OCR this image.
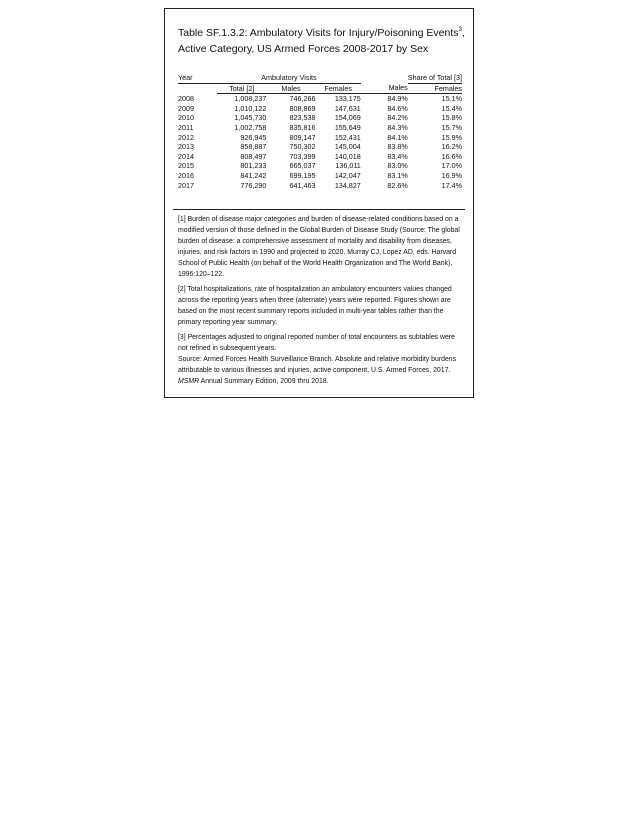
Table SF.1.3.2: Ambulatory Visits for Injury/Poisoning Events$^3$,
Active Category, US Armed Forces 2008-2017 by Sex
Year	Ambulatory Visits				Share of Total [3]
	Total [2]	Males	Females	Males	Females
2008	1,008,237	746,266	133,175	84.9%	15.1%
2009	1,010,122	808,869	147,631	84.6%	15.4%
2010	1,045,730	823,538	154,069	84.2%	15.8%
2011	1,002,758	835,816	155,649	84.3%	15.7%
2012	926,945	809,147	152,431	84.1%	15.9%
2013	858,887	750,302	145,004	83.8%	16.2%
2014	808,497	703,399	140,018	83.4%	16.6%
2015	801,233	665,037	136,011	83.0%	17.0%
2016	841,242	699,195	142,047	83.1%	16.9%
2017	776,290	641,463	134,827	82.6%	17.4%

[1] Burden of disease major categories and burden of disease-related conditions based on a modified version of those defined in the Global Burden of Disease Study (Source: The global burden of disease: a comprehensive assessment of mortality and disability from diseases, injuries, and risk factors in 1990 and projected to 2020. Murray CJ, Lopez AD, eds. Harvard School of Public Health (on behalf of the World Health Organization and The World Bank), 1996:120–122.

[2] Total hospitalizations, rate of hospitalization an ambulatory encounters values changed across the reporting years when three (alternate) years were reported. Figures shown are based on the most recent summary reports included in multi-year tables rather than the primary reporting year summary.

[3] Percentages adjusted to original reported number of total encounters as subtables were not refined in subsequent years.

Source: Armed Forces Health Surveillance Branch. Absolute and relative morbidity burdens attributable to various illnesses and injuries, active component, U.S. Armed Forces, 2017. MSMR Annual Summary Edition, 2009 thru 2018.
